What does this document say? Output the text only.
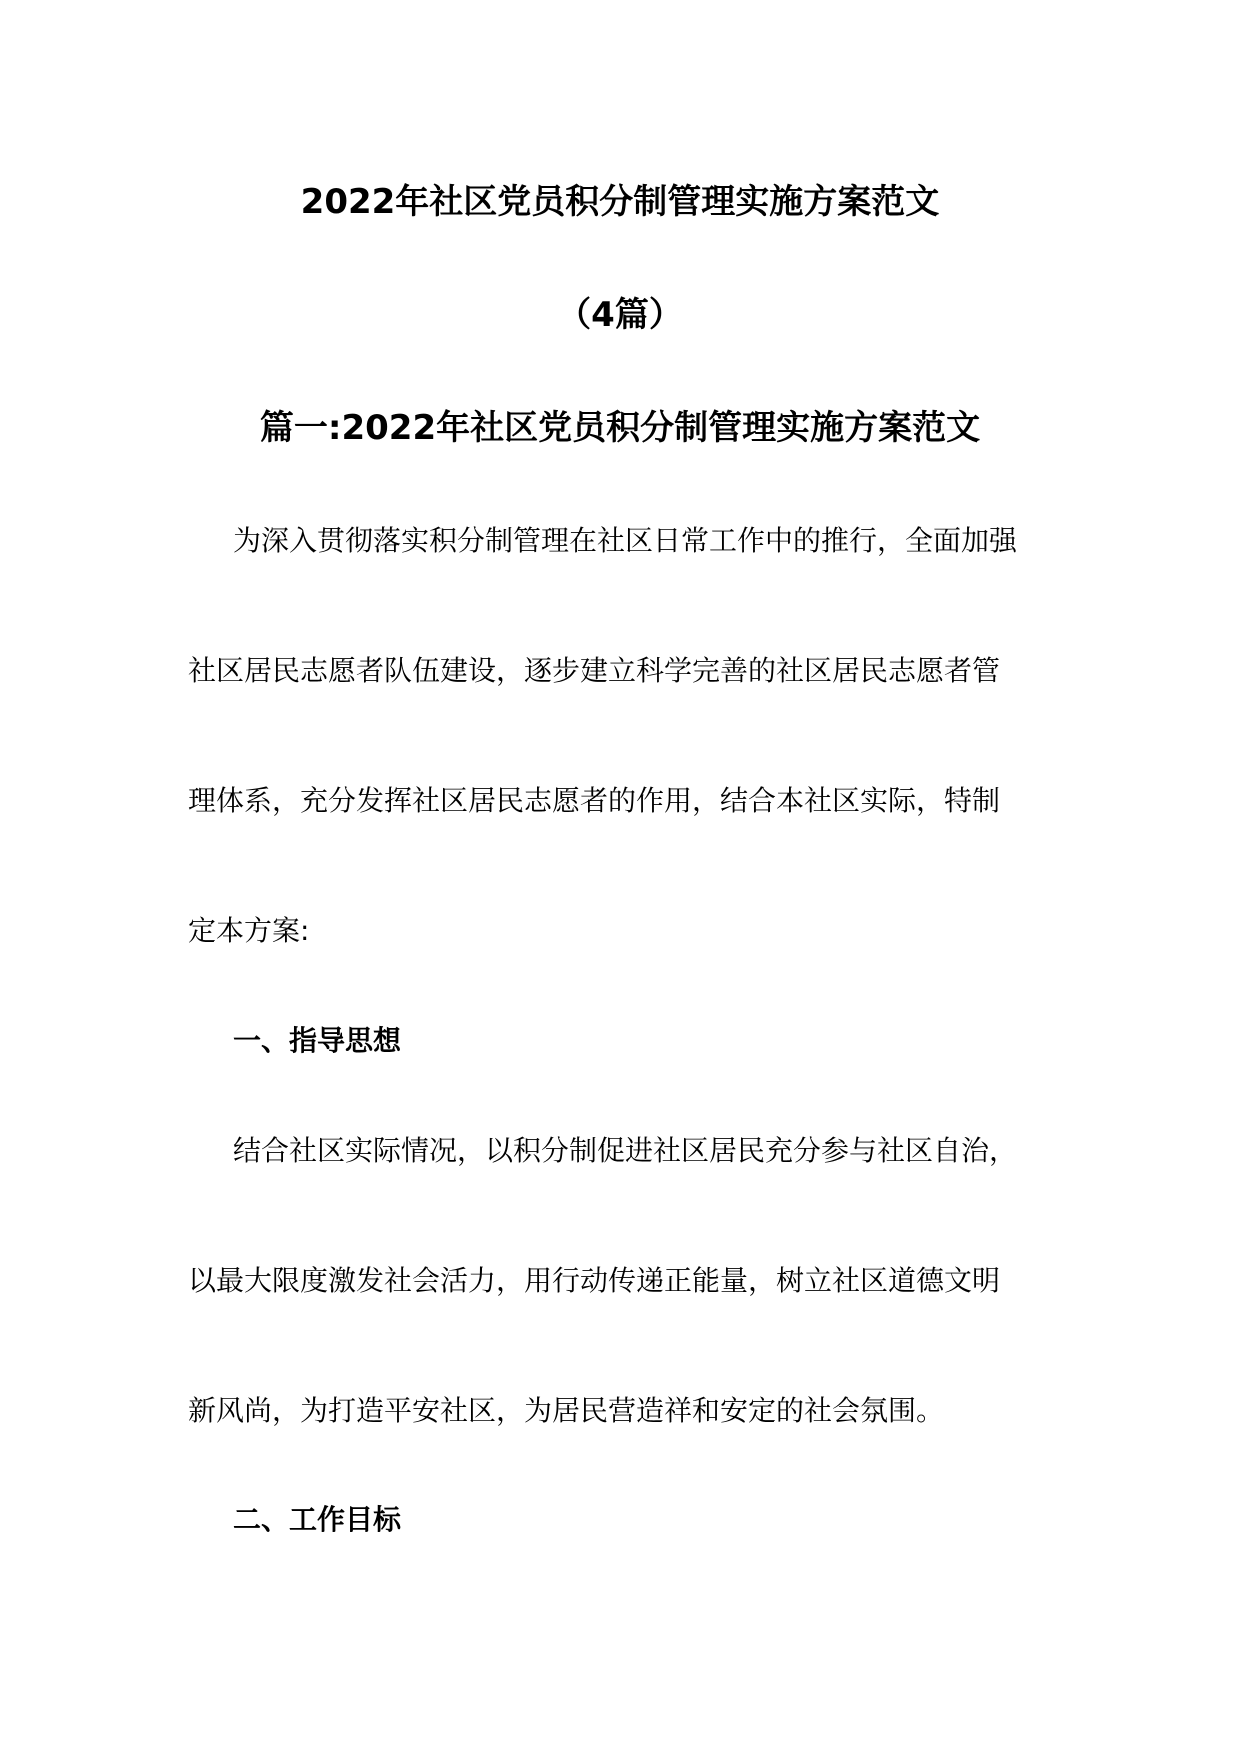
2022年社区党员积分制管理实施方案范文
（4篇）
篇一:2022年社区党员积分制管理实施方案范文
为深入贯彻落实积分制管理在社区日常工作中的推行，全面加强
社区居民志愿者队伍建设，逐步建立科学完善的社区居民志愿者管
理体系，充分发挥社区居民志愿者的作用，结合本社区实际，特制
定本方案:
一、指导思想
结合社区实际情况，以积分制促进社区居民充分参与社区自治，
以最大限度激发社会活力，用行动传递正能量，树立社区道德文明
新风尚，为打造平安社区，为居民营造祥和安定的社会氛围。
二、工作目标
